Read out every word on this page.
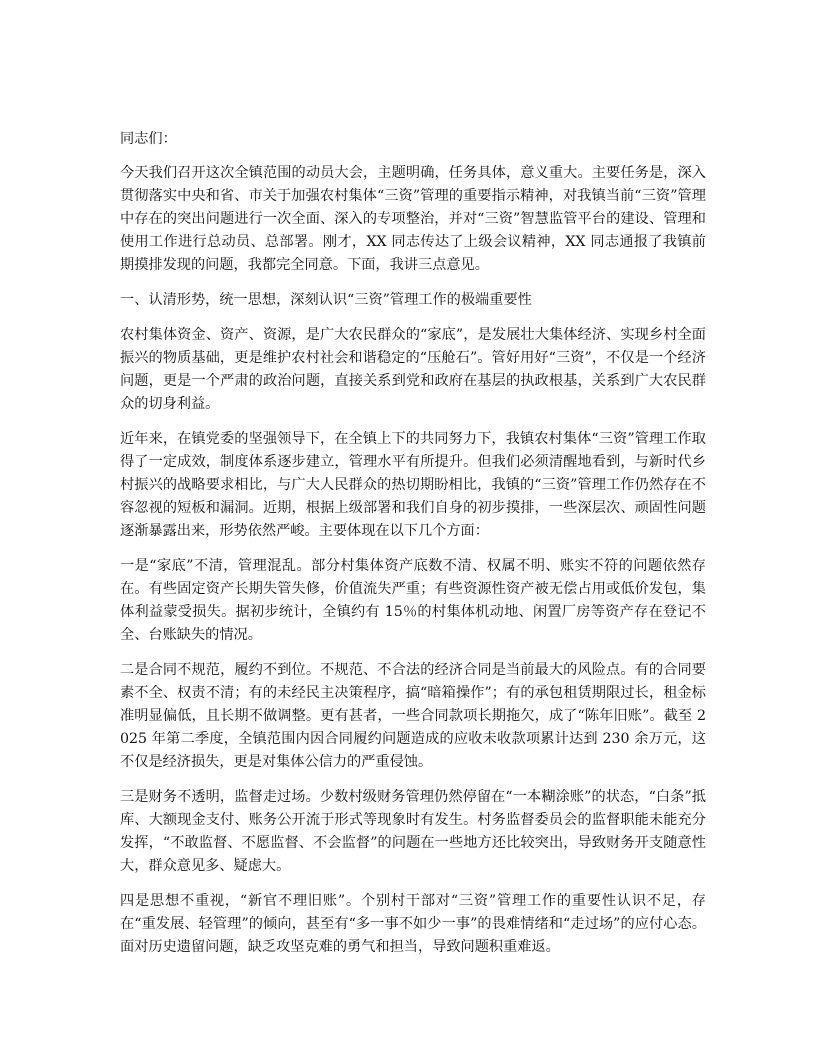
同志们：

今天我们召开这次全镇范围的动员大会，主题明确，任务具体，意义重大。主要任务是，深入贯彻落实中央和省、市关于加强农村集体“三资”管理的重要指示精神，对我镇当前“三资”管理中存在的突出问题进行一次全面、深入的专项整治，并对“三资”智慧监管平台的建设、管理和使用工作进行总动员、总部署。刚才，XX 同志传达了上级会议精神，XX 同志通报了我镇前期摸排发现的问题，我都完全同意。下面，我讲三点意见。

一、认清形势，统一思想，深刻认识“三资”管理工作的极端重要性

农村集体资金、资产、资源，是广大农民群众的“家底”，是发展壮大集体经济、实现乡村全面振兴的物质基础，更是维护农村社会和谐稳定的“压舱石”。管好用好“三资”，不仅是一个经济问题，更是一个严肃的政治问题，直接关系到党和政府在基层的执政根基，关系到广大农民群众的切身利益。

近年来，在镇党委的坚强领导下，在全镇上下的共同努力下，我镇农村集体“三资”管理工作取得了一定成效，制度体系逐步建立，管理水平有所提升。但我们必须清醒地看到，与新时代乡村振兴的战略要求相比，与广大人民群众的热切期盼相比，我镇的“三资”管理工作仍然存在不容忽视的短板和漏洞。近期，根据上级部署和我们自身的初步摸排，一些深层次、顽固性问题逐渐暴露出来，形势依然严峻。主要体现在以下几个方面：

一是“家底”不清，管理混乱。部分村集体资产底数不清、权属不明、账实不符的问题依然存在。有些固定资产长期失管失修，价值流失严重；有些资源性资产被无偿占用或低价发包，集体利益蒙受损失。据初步统计，全镇约有 15％的村集体机动地、闲置厂房等资产存在登记不全、台账缺失的情况。

二是合同不规范，履约不到位。不规范、不合法的经济合同是当前最大的风险点。有的合同要素不全、权责不清；有的未经民主决策程序，搞“暗箱操作”；有的承包租赁期限过长，租金标准明显偏低，且长期不做调整。更有甚者，一些合同款项长期拖欠，成了“陈年旧账”。截至 2025 年第二季度，全镇范围内因合同履约问题造成的应收未收款项累计达到 230 余万元，这不仅是经济损失，更是对集体公信力的严重侵蚀。

三是财务不透明，监督走过场。少数村级财务管理仍然停留在“一本糊涂账”的状态，“白条”抵库、大额现金支付、账务公开流于形式等现象时有发生。村务监督委员会的监督职能未能充分发挥，“不敢监督、不愿监督、不会监督”的问题在一些地方还比较突出，导致财务开支随意性大，群众意见多、疑虑大。

四是思想不重视，“新官不理旧账”。个别村干部对“三资”管理工作的重要性认识不足，存在“重发展、轻管理”的倾向，甚至有“多一事不如少一事”的畏难情绪和“走过场”的应付心态。面对历史遗留问题，缺乏攻坚克难的勇气和担当，导致问题积重难返。
